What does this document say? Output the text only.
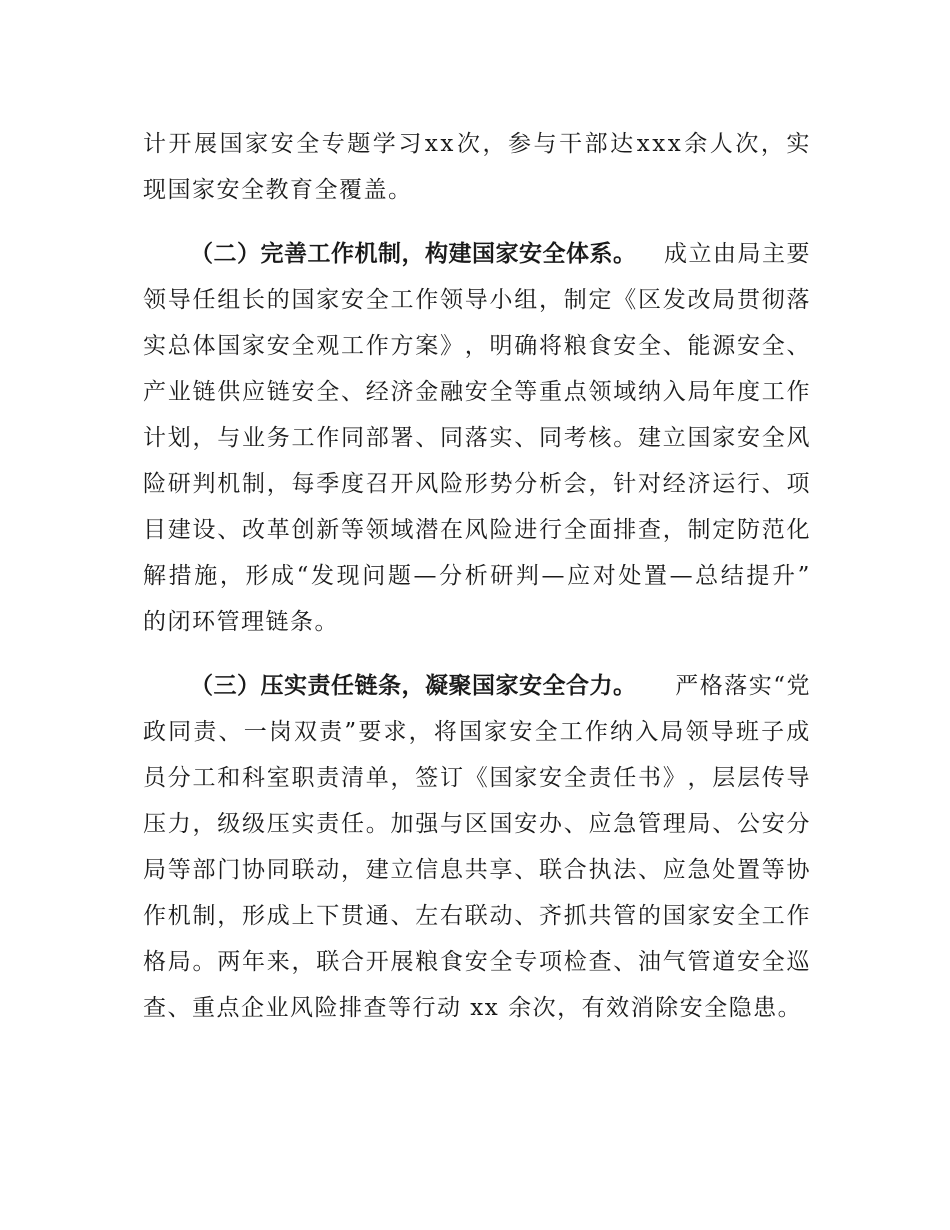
计 开 展 国 家 安 全 专 题 学 习 x x 次 ， 参 与 干 部 达 x x x 余 人 次 ， 实
现国家安全教育全覆盖。
（二）完善工作机制，构建国家安全体系。 成立由局主要
领 导 任 组 长 的 国 家 安 全 工 作 领 导 小 组 ， 制 定 《 区 发 改 局 贯 彻 落
实 总 体 国 家 安 全 观 工 作 方 案 》 ， 明 确 将 粮 食 安 全 、 能 源 安 全 、
产 业 链 供 应 链 安 全 、 经 济 金 融 安 全 等 重 点 领 域 纳 入 局 年 度 工 作
计 划 ， 与 业 务 工 作 同 部 署 、 同 落 实 、 同 考 核 。 建 立 国 家 安 全 风
险 研 判 机 制 ， 每 季 度 召 开 风 险 形 势 分 析 会 ， 针 对 经 济 运 行 、 项
目 建 设 、 改 革 创 新 等 领 域 潜 在 风 险 进 行 全 面 排 查 ， 制 定 防 范 化
解 措 施 ， 形 成 “ 发 现 问 题 — 分 析 研 判 — 应 对 处 置 — 总 结 提 升 ”
的闭环管理链条。
（三）压实责任链条，凝聚国家安全合力。 严格落实“党
政 同 责 、 一 岗 双 责 ” 要 求 ， 将 国 家 安 全 工 作 纳 入 局 领 导 班 子 成
员 分 工 和 科 室 职 责 清 单 ， 签 订 《 国 家 安 全 责 任 书 》 ， 层 层 传 导
压 力 ， 级 级 压 实 责 任 。 加 强 与 区 国 安 办 、 应 急 管 理 局 、 公 安 分
局 等 部 门 协 同 联 动 ， 建 立 信 息 共 享 、 联 合 执 法 、 应 急 处 置 等 协
作 机 制 ， 形 成 上 下 贯 通 、 左 右 联 动 、 齐 抓 共 管 的 国 家 安 全 工 作
格 局 。 两 年 来 ， 联 合 开 展 粮 食 安 全 专 项 检 查 、 油 气 管 道 安 全 巡
查、重点企业风险排查等行动 xx 余次，有效消除安全隐患。
